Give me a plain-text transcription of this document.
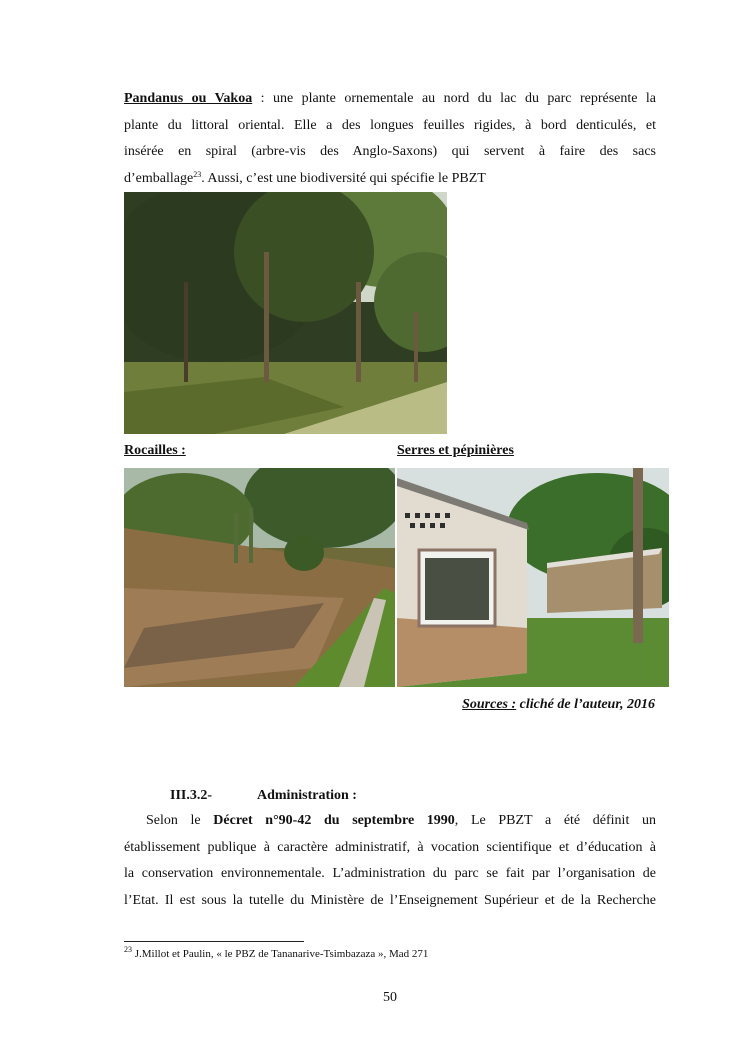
Pandanus ou Vakoa : une plante ornementale au nord du lac du parc représente la
plante du littoral oriental. Elle a des longues feuilles rigides, à bord denticulés, et
insérée en spiral (arbre-vis des Anglo-Saxons) qui servent à faire des sacs
d’emballage$^{23}$. Aussi, c’est une biodiversité qui spécifie le PBZT
Rocailles :	Serres et pépinières
Sources : cliché de l’auteur, 2016
III.3.2-	Administration :
Selon le Décret n°90-42 du septembre 1990, Le PBZT a été définit un
établissement publique à caractère administratif, à vocation scientifique et d’éducation à
la conservation environnementale. L’administration du parc se fait par l’organisation de
l’Etat. Il est sous la tutelle du Ministère de l’Enseignement Supérieur et de la Recherche
$^{23}$ J.Millot et Paulin, « le PBZ de Tananarive-Tsimbazaza », Mad 271
50
